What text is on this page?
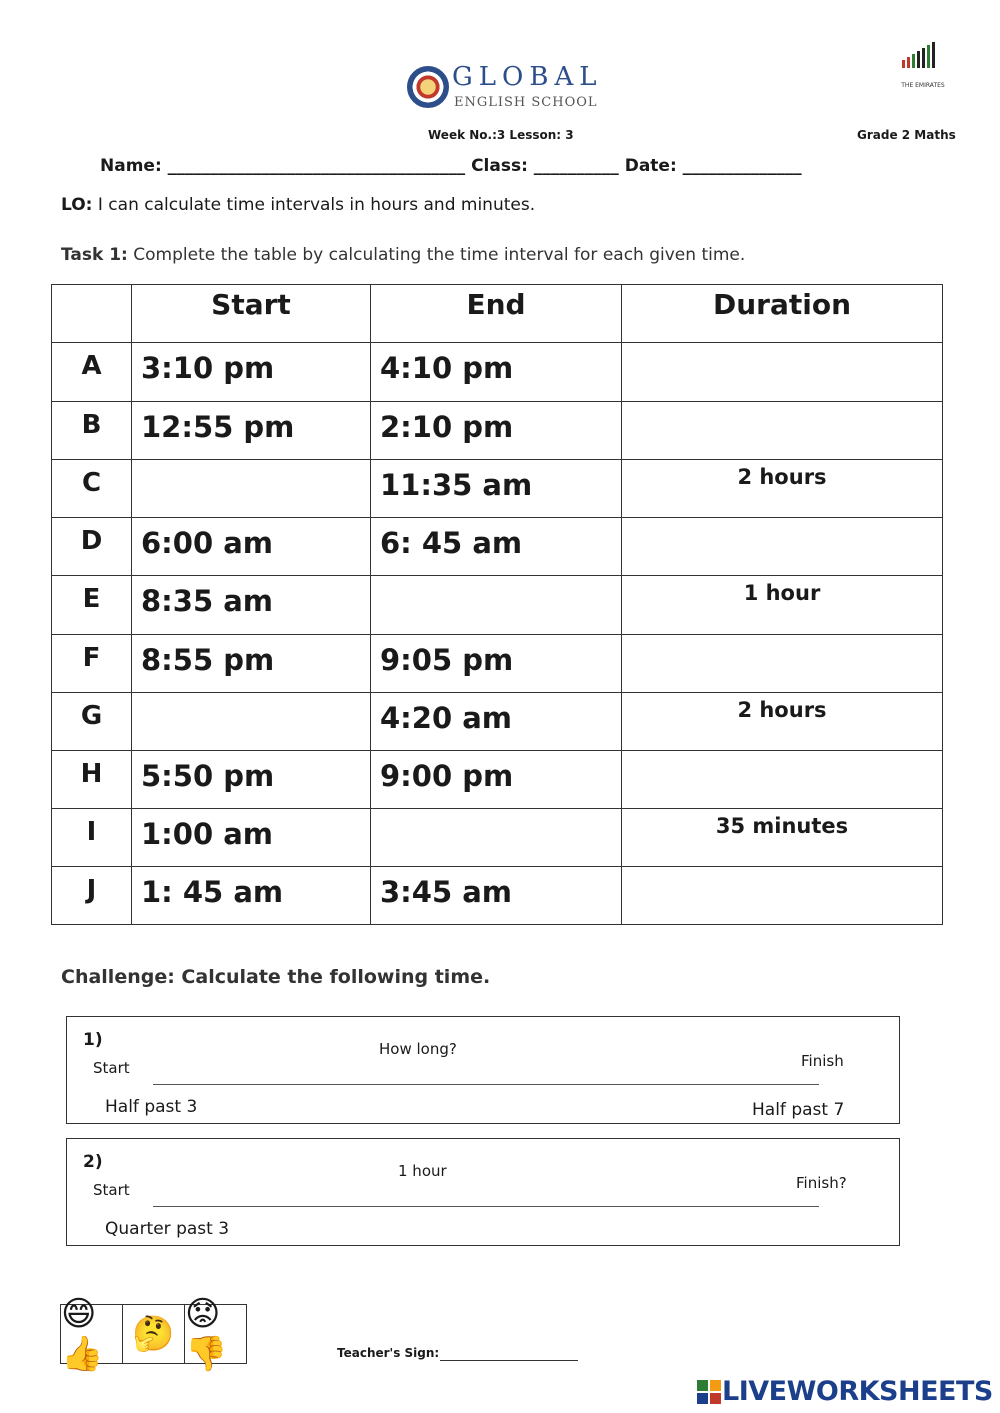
GLOBAL
ENGLISH SCHOOL
THE EMIRATES
Week No.:3 Lesson: 3	Grade 2 Maths
Name: ___________________________________ Class: __________ Date: ______________
LO: I can calculate time intervals in hours and minutes.
Task 1: Complete the table by calculating the time interval for each given time.
	Start	End	Duration
A	3:10 pm	4:10 pm	
B	12:55 pm	2:10 pm	
C		11:35 am	2 hours
D	6:00 am	6: 45 am	
E	8:35 am		1 hour
F	8:55 pm	9:05 pm	
G		4:20 am	2 hours
H	5:50 pm	9:00 pm	
I	1:00 am		35 minutes
J	1: 45 am	3:45 am	
Challenge: Calculate the following time.
1)
Start
How long?
Finish
Half past 3	Half past 7
2)
Start
1 hour
Finish?
Quarter past 3
😄👍 🤔 😟👎	Teacher's Sign:
LIVEWORKSHEETS
